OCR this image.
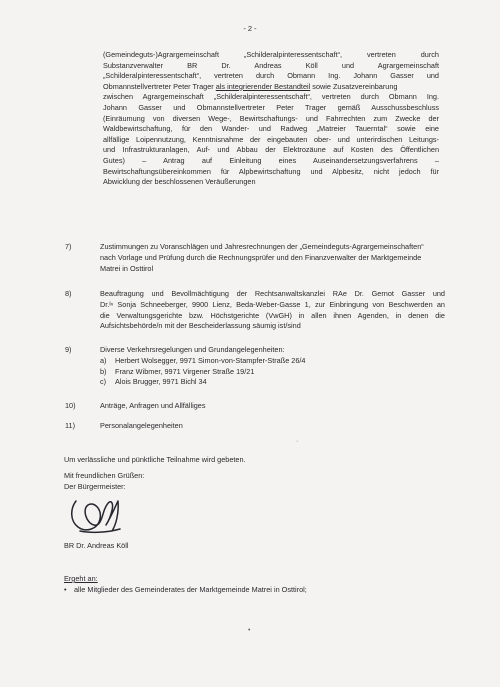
- 2 -
(Gemeindeguts-)Agrargemeinschaft „Schilderalpinteressentschaft“, vertreten durch
Substanzverwalter BR Dr. Andreas Köll und Agrargemeinschaft
„Schilderalpinteressentschaft“, vertreten durch Obmann Ing. Johann Gasser und
Obmannstellvertreter Peter Trager als integrierender Bestandteil sowie Zusatzvereinbarung
zwischen Agrargemeinschaft „Schilderalpinteressentschaft“, vertreten durch Obmann Ing.
Johann Gasser und Obmannstellvertreter Peter Trager gemäß Ausschussbeschluss
(Einräumung von diversen Wege-, Bewirtschaftungs- und Fahrrechten zum Zwecke der
Waldbewirtschaftung, für den Wander- und Radweg „Matreier Tauerntal“ sowie eine
allfällige Loipennutzung, Kenntnisnahme der eingebauten ober- und unterirdischen Leitungs-
und Infrastrukturanlagen, Auf- und Abbau der Elektrozäune auf Kosten des Öffentlichen
Gutes) – Antrag auf Einleitung eines Auseinandersetzungsverfahrens –
Bewirtschaftungsübereinkommen für Alpbewirtschaftung und Alpbesitz, nicht jedoch für
Abwicklung der beschlossenen Veräußerungen
7)	Zustimmungen zu Voranschlägen und Jahresrechnungen der „Gemeindeguts-Agrargemeinschaften“
nach Vorlage und Prüfung durch die Rechnungsprüfer und den Finanzverwalter der Marktgemeinde
Matrei in Osttirol
8)	Beauftragung und Bevollmächtigung der Rechtsanwaltskanzlei RAe Dr. Gernot Gasser und
Dr.ᴵⁿ Sonja Schneeberger, 9900 Lienz, Beda-Weber-Gasse 1, zur Einbringung von Beschwerden an
die Verwaltungsgerichte bzw. Höchstgerichte (VwGH) in allen ihnen Agenden, in denen die
Aufsichtsbehörde/n mit der Bescheiderlassung säumig ist/sind
9)	Diverse Verkehrsregelungen und Grundangelegenheiten:
a) Herbert Wolsegger, 9971 Simon-von-Stampfer-Straße 26/4
b) Franz Wibmer, 9971 Virgener Straße 19/21
c) Alois Brugger, 9971 Bichl 34
10)	Anträge, Anfragen und Allfälliges
11)	Personalangelegenheiten
Um verlässliche und pünktliche Teilnahme wird gebeten.
Mit freundlichen Grüßen:
Der Bürgermeister:
BR Dr. Andreas Köll
Ergeht an:
• alle Mitglieder des Gemeinderates der Marktgemeinde Matrei in Osttirol;
·
•
